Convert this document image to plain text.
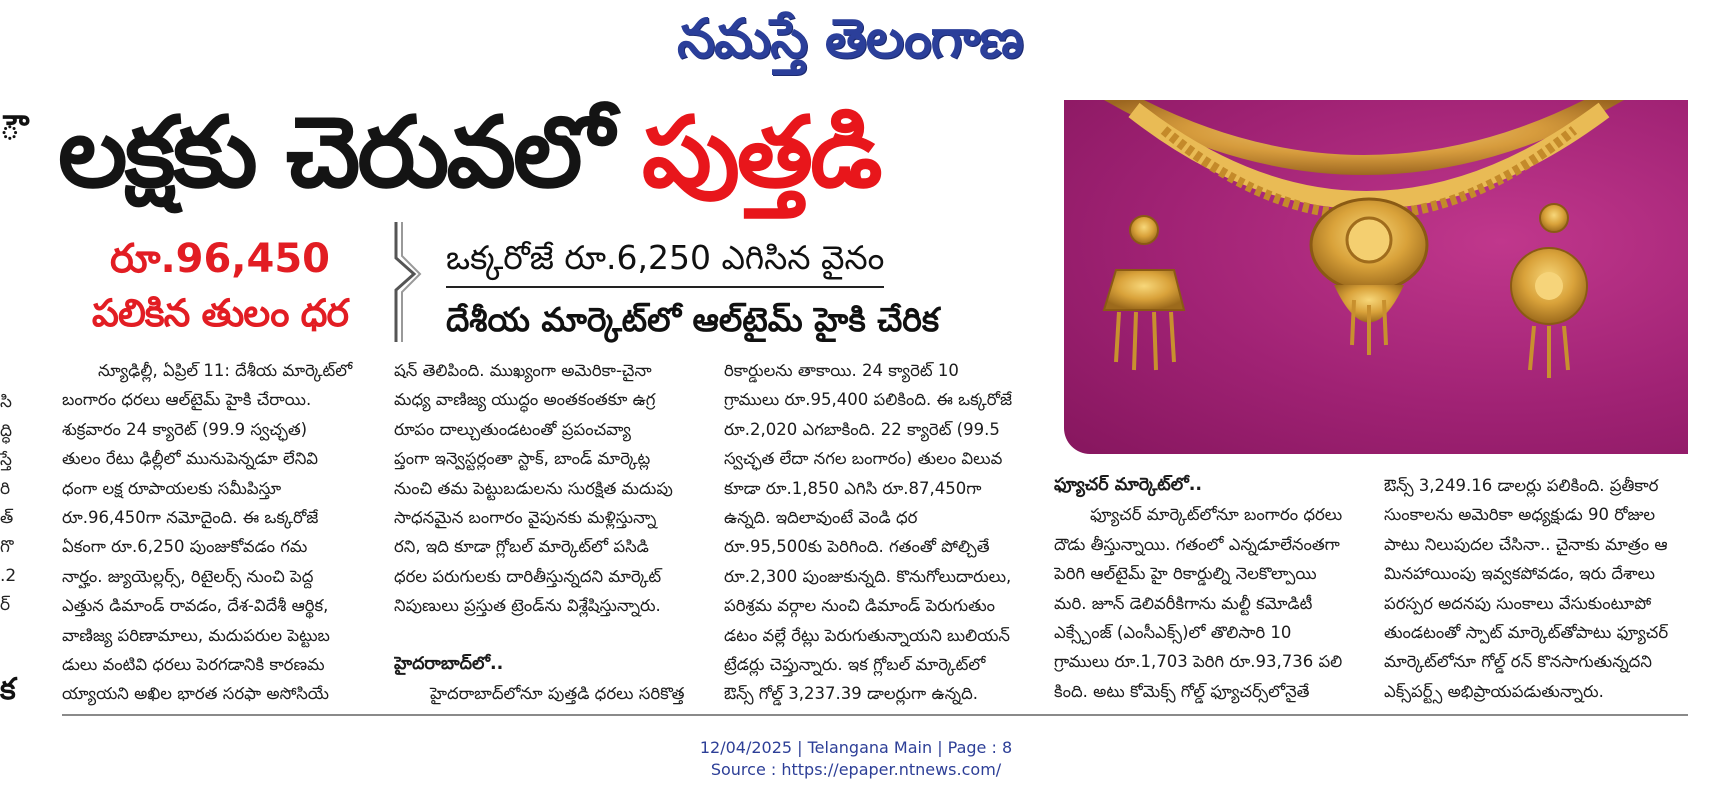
నమస్తే తెలంగాణ
ౌ
సి
ద్ధి
స్తే
రి
త్
గొ
.2
ర్
క
లక్షకు చెరువలో పుత్తడి
రూ.96,450
పలికిన తులం ధర
ఒక్కరోజే రూ.6,250 ఎగిసిన వైనం
దేశీయ మార్కెట్‌లో ఆల్‌టైమ్ హైకి చేరిక
న్యూఢిల్లీ, ఏప్రిల్ 11: దేశీయ మార్కెట్‌లో
బంగారం ధరలు ఆల్‌టైమ్ హైకి చేరాయి.
శుక్రవారం 24 క్యారెట్ (99.9 స్వచ్ఛత)
తులం రేటు ఢిల్లీలో మునుపెన్నడూ లేనివి
ధంగా లక్ష రూపాయలకు సమీపిస్తూ
రూ.96,450గా నమోదైంది. ఈ ఒక్కరోజే
ఏకంగా రూ.6,250 పుంజుకోవడం గమ
నార్హం. జ్యుయెల్లర్స్, రిటైలర్స్ నుంచి పెద్ద
ఎత్తున డిమాండ్ రావడం, దేశ-విదేశీ ఆర్థిక,
వాణిజ్య పరిణామాలు, మదుపరుల పెట్టుబ
డులు వంటివి ధరలు పెరగడానికి కారణమ
య్యాయని అఖిల భారత సరఫా అసోసియే
షన్ తెలిపింది. ముఖ్యంగా అమెరికా-చైనా
మధ్య వాణిజ్య యుద్ధం అంతకంతకూ ఉగ్ర
రూపం దాల్చుతుండటంతో ప్రపంచవ్యా
ప్తంగా ఇన్వెస్టర్లంతా స్టాక్, బాండ్ మార్కెట్ల
నుంచి తమ పెట్టుబడులను సురక్షిత మదుపు
సాధనమైన బంగారం వైపునకు మళ్లిస్తున్నా
రని, ఇది కూడా గ్లోబల్ మార్కెట్‌లో పసిడి
ధరల పరుగులకు దారితీస్తున్నదని మార్కెట్
నిపుణులు ప్రస్తుత ట్రెండ్‌ను విశ్లేషిస్తున్నారు.
హైదరాబాద్‌లో..
హైదరాబాద్‌లోనూ పుత్తడి ధరలు సరికొత్త
రికార్డులను తాకాయి. 24 క్యారెట్ 10
గ్రాములు రూ.95,400 పలికింది. ఈ ఒక్కరోజే
రూ.2,020 ఎగబాకింది. 22 క్యారెట్ (99.5
స్వచ్ఛత లేదా నగల బంగారం) తులం విలువ
కూడా రూ.1,850 ఎగిసి రూ.87,450గా
ఉన్నది. ఇదిలావుంటే వెండి ధర
రూ.95,500కు పెరిగింది. గతంతో పోల్చితే
రూ.2,300 పుంజుకున్నది. కొనుగోలుదారులు,
పరిశ్రమ వర్గాల నుంచి డిమాండ్ పెరుగుతుం
డటం వల్లే రేట్లు పెరుగుతున్నాయని బులియన్
ట్రేడర్లు చెప్తున్నారు. ఇక గ్లోబల్ మార్కెట్‌లో
ఔన్స్ గోల్డ్ 3,237.39 డాలర్లుగా ఉన్నది.
ఫ్యూచర్ మార్కెట్‌లో..
ఫ్యూచర్ మార్కెట్‌లోనూ బంగారం ధరలు
దౌడు తీస్తున్నాయి. గతంలో ఎన్నడూలేనంతగా
పెరిగి ఆల్‌టైమ్ హై రికార్డుల్ని నెలకొల్పాయి
మరి. జూన్ డెలివరీకిగాను మల్టీ కమోడిటీ
ఎక్స్చేంజ్ (ఎంసీఎక్స్)లో తొలిసారి 10
గ్రాములు రూ.1,703 పెరిగి రూ.93,736 పలి
కింది. అటు కోమెక్స్ గోల్డ్ ఫ్యూచర్స్‌లోనైతే
ఔన్స్ 3,249.16 డాలర్లు పలికింది. ప్రతీకార
సుంకాలను అమెరికా అధ్యక్షుడు 90 రోజుల
పాటు నిలుపుదల చేసినా.. చైనాకు మాత్రం ఆ
మినహాయింపు ఇవ్వకపోవడం, ఇరు దేశాలు
పరస్పర అదనపు సుంకాలు వేసుకుంటూపో
తుండటంతో స్పాట్ మార్కెట్‌తోపాటు ఫ్యూచర్
మార్కెట్‌లోనూ గోల్డ్ రన్ కొనసాగుతున్నదని
ఎక్స్‌పర్ట్స్ అభిప్రాయపడుతున్నారు.
12/04/2025 | Telangana Main | Page : 8
Source : https://epaper.ntnews.com/
